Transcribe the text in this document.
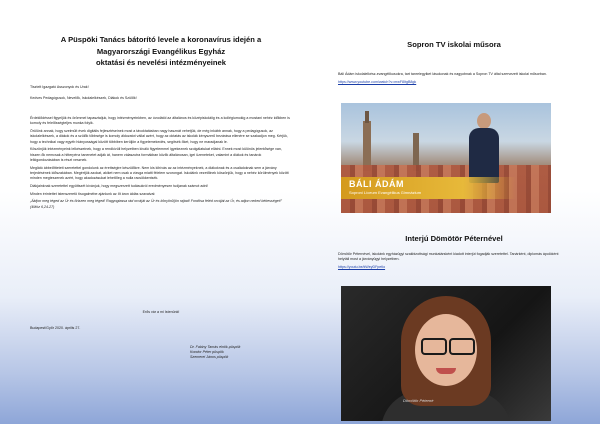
A Püspöki Tanács bátorító levele a koronavírus idején a
Magyarországi Evangélikus Egyház
oktatási és nevelési intézményeinek

Tisztelt Igazgató Asszonyok és Urak!

Kedves Pedagógusok, Nevelők, Iskolalelkészek, Diákok és Szülők!

Érdeklődéssel figyeljük és örömmel tapasztaljuk, hogy intézményeinkben, az óvodától az általános és középiskoláiig és a kollégiumokig a mostani nehéz időkben is komoly és felelősségteljes munka folyik.

Örülünk annak, hogy szelmült évek digitális fejlesztéseinek most a távoktatásban nagy hasznát vehetjük, de még inkább annak, hogy a pedagógusok, az iskolalelkészek, a diákok és a szülők többsége is komoly áldozatot vállal azért, hogy az oktatás az iskolák kényszerű bezárása ellenére se szakadjon meg. Kérjük, hogy a technikai vagy egyéb hiányosságai között többiben kerüljön a figyelemekedés, segítsék őket, hogy ne maradjanak le.

Köszönjük intézményeink lelkészeinek, hogy a rendkívüli helyzetben kiváló figyelemmel igyekeznek szolgálatukat ellátni. Ennek most különös jelentősége van, hiszen ők nemcsak a hitterpénz tanenetet adják át, hanem válaszutra formákban közlik általánosan, igei üzeneteket, valamint a diákok és tanárok lelkigondozásában is részt vesznek.

Meglátó ábbelőttetett szeretettel gondolunk az érettségire készülőkre. Nem kis kihívás az az intézményeknek, a diákoknak és a családoknak sem a járvány terjedésének időszakában. Megértjük azokat, akiket nem csak a vizsga miatti félelem szorongat. Iskoláink vezetőinek köszönjük, hogy a nehéz körülmények között minden megteszenek azért, hogy akadozásukat lehetőleg a nulla racsökkentsék.

Diákjainknak szeretettel együttszét kívánjuk, hogy megszerzett tudásukról eredményesen tudjanak számot adni!

Minden érintettet istenszeretö tisogalmébe ajánlunk az őt áron áldás szavaival:

„Áldjon meg téged az Úr és őrizzen meg téged! Ragyogtassa rád orcáját az Úr és könyörüljön rajtad! Fordítsa feléd orcáját az Úr, és adjon neked békességet!” (4Móz 6,24-27)

Erős vár a mi Istenünk!

Budapest/Győr 2020. április 27.

Dr. Fabiny Tamás elnök-püspök

Kondor Péter püspök

Szemerei János püspök

Sopron TV iskolai műsora

Báli Ádám iskolalelkész-evangélikusokra, tart tanrelegyiket lásukonak és nagyobnak a Sopron TV által szervezett iskolai műsorban.

https://www.youtube.com/watch?v=mwF8ItgB8gk
BÁLI ÁDÁM
Soproni Líceum Evangélikus Gimnázium
Interjú Dömötör Péternével

Dömötör Péternével, iskolánk egyházügyi szakbizottsági munkatársként kiadott interjút fogadják szeretettel. Tanárként, diplomás ápolóként helytáll most a járványügyi helyzetben.

https://youtu.be/kWeyDFpetlo
Dömötör Péterné
